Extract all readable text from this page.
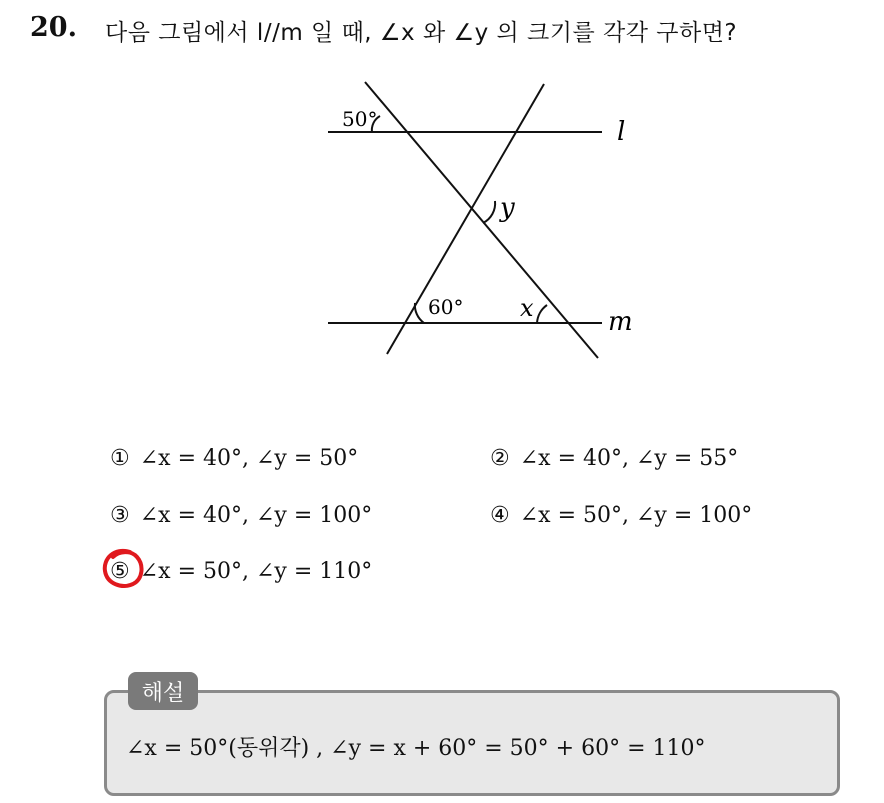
20. 다음 그림에서 l//m 일 때, ∠x 와 ∠y 의 크기를 각각 구하면?
50°
y
60° x
l
m
① ∠x = 40°, ∠y = 50°	② ∠x = 40°, ∠y = 55°
③ ∠x = 40°, ∠y = 100°	④ ∠x = 50°, ∠y = 100°
⑤ ∠x = 50°, ∠y = 110°
해설
∠x = 50°(동위각) , ∠y = x + 60° = 50° + 60° = 110°
